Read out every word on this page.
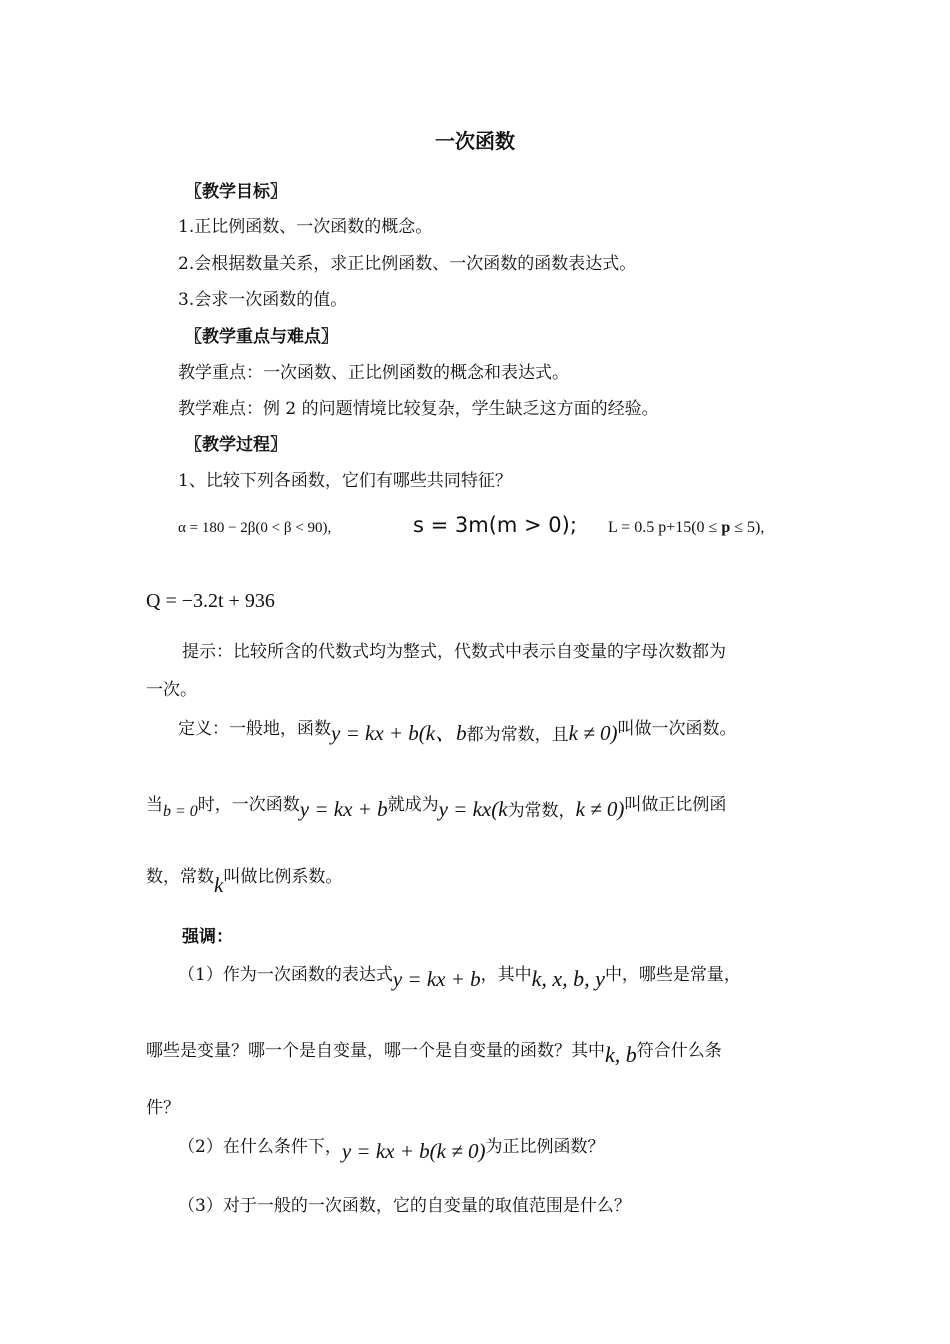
一次函数
〖教学目标〗
1.正比例函数、一次函数的概念。
2.会根据数量关系，求正比例函数、一次函数的函数表达式。
3.会求一次函数的值。
〖教学重点与难点〗
教学重点：一次函数、正比例函数的概念和表达式。
教学难点：例 2 的问题情境比较复杂，学生缺乏这方面的经验。
〖教学过程〗
1、比较下列各函数，它们有哪些共同特征？
α = 180 − 2β(0 < β < 90),	s = 3m(m > 0); L = 0.5 p+15(0 ≤ p ≤ 5),
Q = −3.2t + 936
提示：比较所含的代数式均为整式，代数式中表示自变量的字母次数都为
一次。
定义：一般地，函数y = kx + b(k、b都为常数，且k ≠ 0)叫做一次函数。
当b = 0时，一次函数y = kx + b就成为y = kx(k为常数，k ≠ 0)叫做正比例函
数，常数k叫做比例系数。
强调：
（1）作为一次函数的表达式y = kx + b，其中k, x, b, y中，哪些是常量，
哪些是变量？哪一个是自变量，哪一个是自变量的函数？其中k, b符合什么条
件？
（2）在什么条件下，y = kx + b(k ≠ 0)为正比例函数？
（3）对于一般的一次函数，它的自变量的取值范围是什么？
